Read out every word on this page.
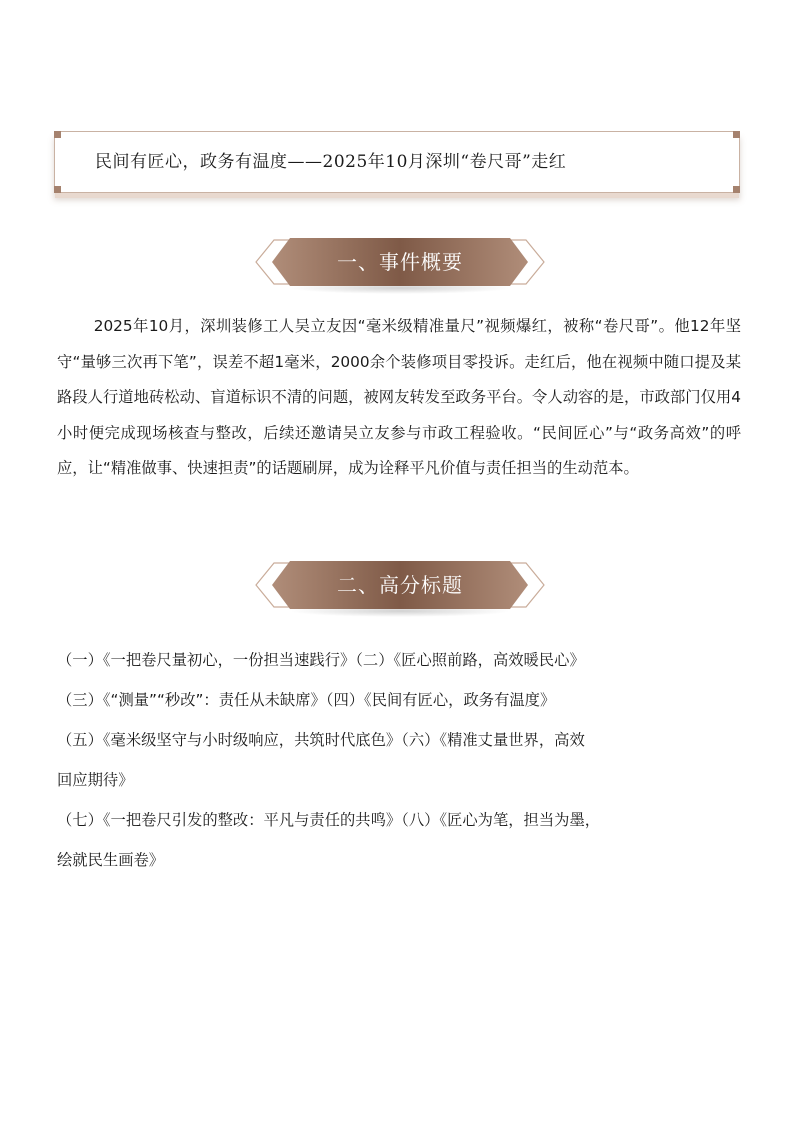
民间有匠心，政务有温度——2025年10月深圳“卷尺哥”走红
一、事件概要

2025年10月，深圳装修工人吴立友因“毫米级精准量尺”视频爆红，被称“卷尺哥”。他12年坚守“量够三次再下笔”，误差不超1毫米，2000余个装修项目零投诉。走红后，他在视频中随口提及某路段人行道地砖松动、盲道标识不清的问题，被网友转发至政务平台。令人动容的是，市政部门仅用4小时便完成现场核查与整改，后续还邀请吴立友参与市政工程验收。“民间匠心”与“政务高效”的呼应，让“精准做事、快速担责”的话题刷屏，成为诠释平凡价值与责任担当的生动范本。

二、高分标题

（一）《一把卷尺量初心，一份担当速践行》（二）《匠心照前路，高效暖民心》

（三）《“测量”“秒改”：责任从未缺席》（四）《民间有匠心，政务有温度》

（五）《毫米级坚守与小时级响应，共筑时代底色》（六）《精准丈量世界，高效

回应期待》

（七）《一把卷尺引发的整改：平凡与责任的共鸣》（八）《匠心为笔，担当为墨，

绘就民生画卷》
